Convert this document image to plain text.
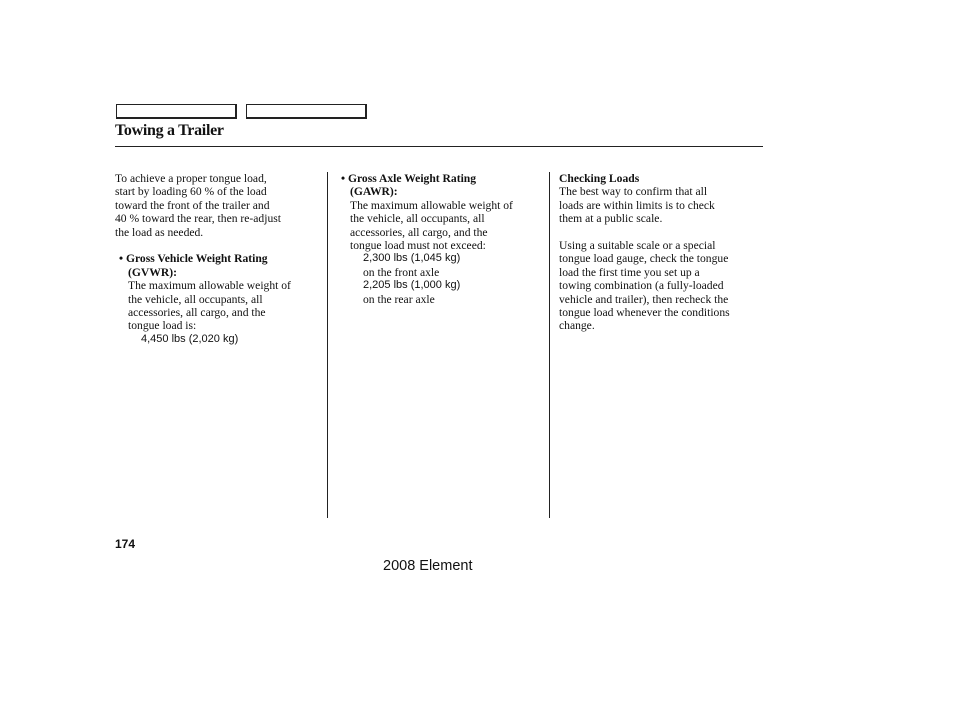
Towing a Trailer
To achieve a proper tongue load,
start by loading 60 % of the load
toward the front of the trailer and
40 % toward the rear, then re-adjust
the load as needed.
• Gross Vehicle Weight Rating
(GVWR):
The maximum allowable weight of
the vehicle, all occupants, all
accessories, all cargo, and the
tongue load is:
4,450 lbs (2,020 kg)
• Gross Axle Weight Rating
(GAWR):
The maximum allowable weight of
the vehicle, all occupants, all
accessories, all cargo, and the
tongue load must not exceed:
2,300 lbs (1,045 kg)
on the front axle
2,205 lbs (1,000 kg)
on the rear axle
Checking Loads
The best way to confirm that all
loads are within limits is to check
them at a public scale.
Using a suitable scale or a special
tongue load gauge, check the tongue
load the first time you set up a
towing combination (a fully-loaded
vehicle and trailer), then recheck the
tongue load whenever the conditions
change.
174
2008 Element
